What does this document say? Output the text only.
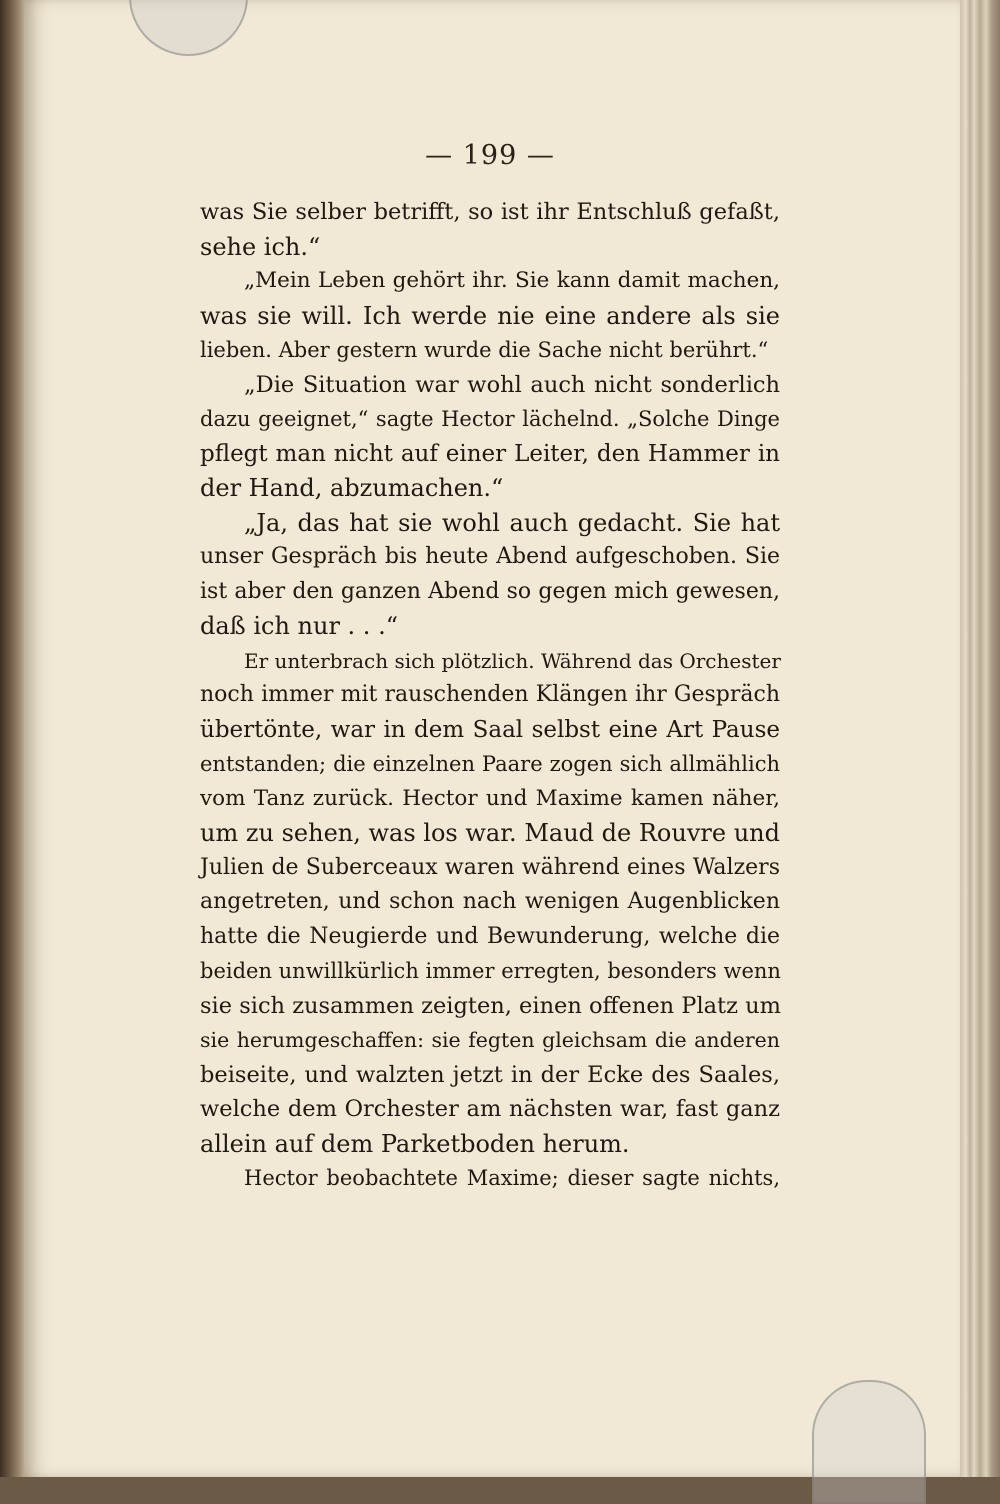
— 199 —
was Sie selber betrifft, so ist ihr Entschluß gefaßt,
sehe ich.“
„Mein Leben gehört ihr. Sie kann damit machen,
was sie will. Ich werde nie eine andere als sie
lieben. Aber gestern wurde die Sache nicht berührt.“
„Die Situation war wohl auch nicht sonderlich
dazu geeignet,“ sagte Hector lächelnd. „Solche Dinge
pflegt man nicht auf einer Leiter, den Hammer in
der Hand, abzumachen.“
„Ja, das hat sie wohl auch gedacht. Sie hat
unser Gespräch bis heute Abend aufgeschoben. Sie
ist aber den ganzen Abend so gegen mich gewesen,
daß ich nur . . .“
Er unterbrach sich plötzlich. Während das Orchester
noch immer mit rauschenden Klängen ihr Gespräch
übertönte, war in dem Saal selbst eine Art Pause
entstanden; die einzelnen Paare zogen sich allmählich
vom Tanz zurück. Hector und Maxime kamen näher,
um zu sehen, was los war. Maud de Rouvre und
Julien de Suberceaux waren während eines Walzers
angetreten, und schon nach wenigen Augenblicken
hatte die Neugierde und Bewunderung, welche die
beiden unwillkürlich immer erregten, besonders wenn
sie sich zusammen zeigten, einen offenen Platz um
sie herumgeschaffen: sie fegten gleichsam die anderen
beiseite, und walzten jetzt in der Ecke des Saales,
welche dem Orchester am nächsten war, fast ganz
allein auf dem Parketboden herum.
Hector beobachtete Maxime; dieser sagte nichts,
